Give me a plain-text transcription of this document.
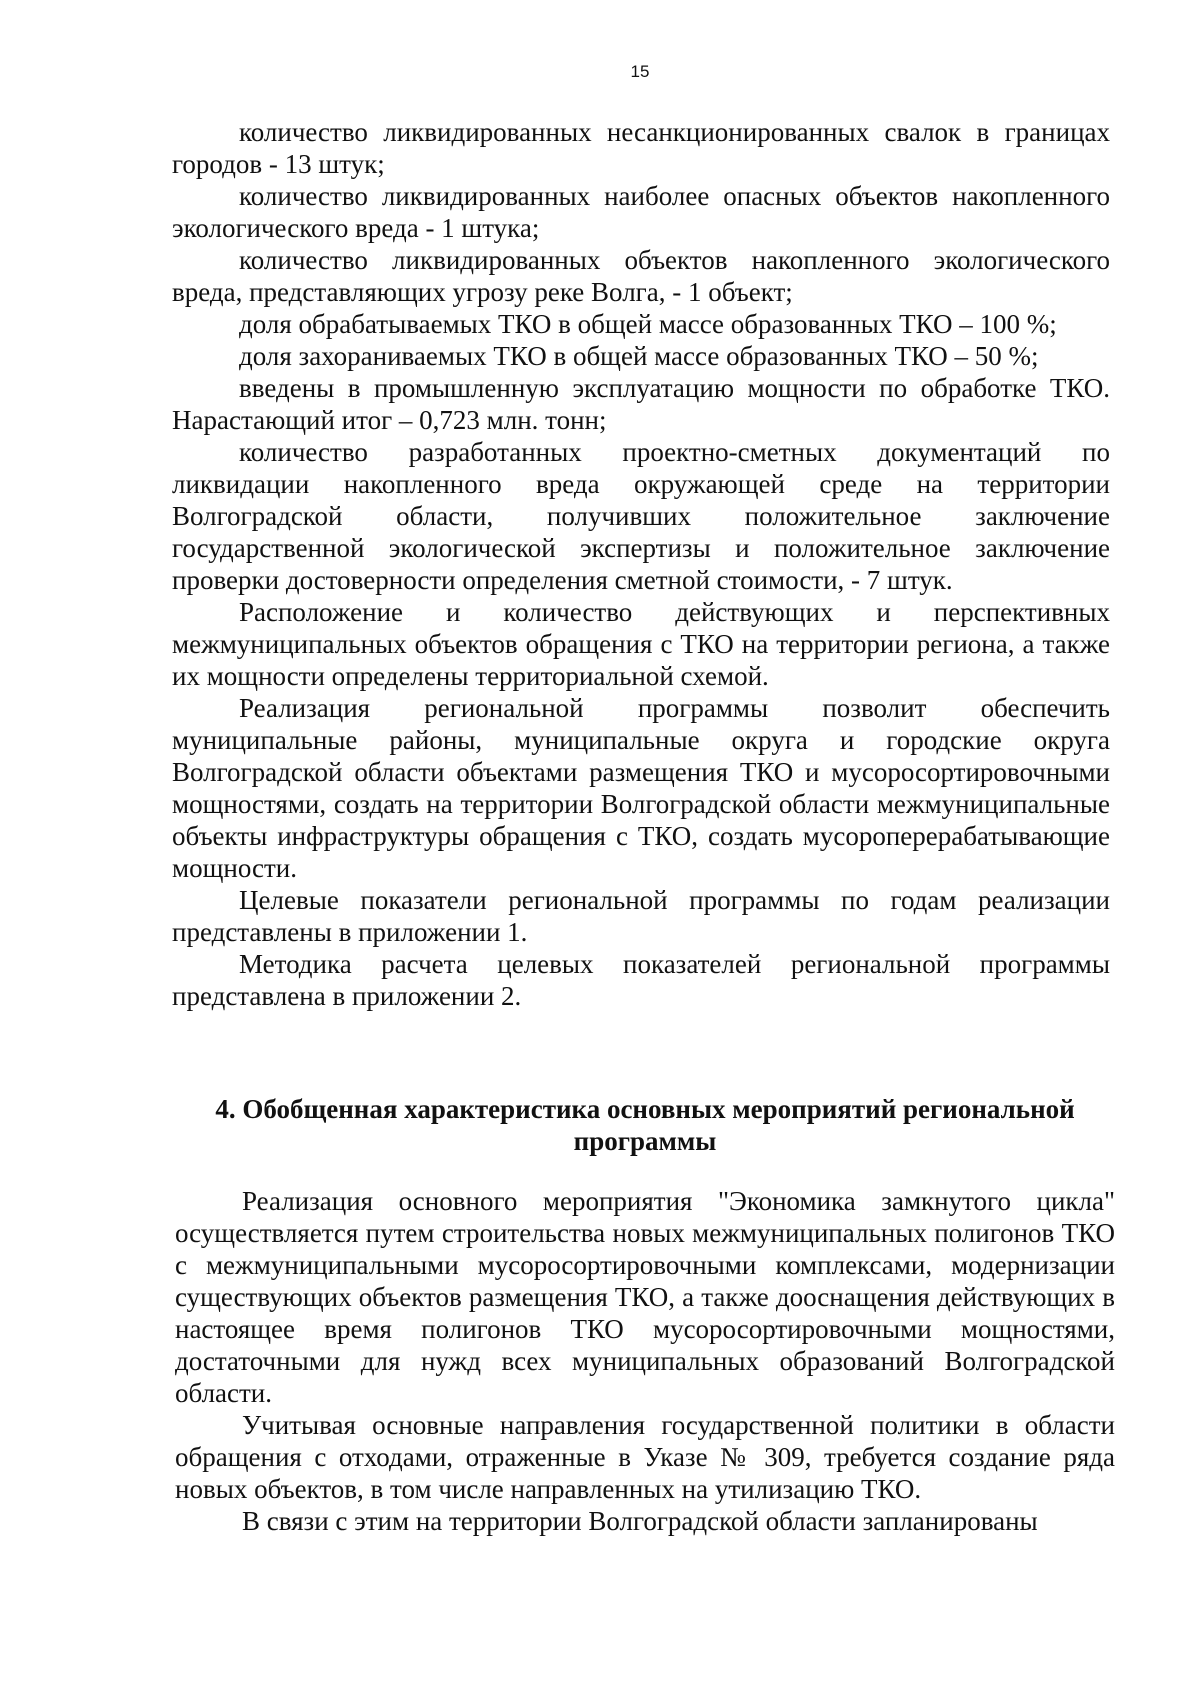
15

количество ликвидированных несанкционированных свалок в границах городов - 13 штук;

количество ликвидированных наиболее опасных объектов накопленного экологического вреда - 1 штука;

количество ликвидированных объектов накопленного экологического вреда, представляющих угрозу реке Волга, - 1 объект;

доля обрабатываемых ТКО в общей массе образованных ТКО – 100 %;

доля захораниваемых ТКО в общей массе образованных ТКО – 50 %;

введены в промышленную эксплуатацию мощности по обработке ТКО. Нарастающий итог – 0,723 млн. тонн;

количество разработанных проектно-сметных документаций по ликвидации накопленного вреда окружающей среде на территории Волгоградской области, получивших положительное заключение государственной экологической экспертизы и положительное заключение проверки достоверности определения сметной стоимости, - 7 штук.

Расположение и количество действующих и перспективных межмуниципальных объектов обращения с ТКО на территории региона, а также их мощности определены территориальной схемой.

Реализация региональной программы позволит обеспечить муниципальные районы, муниципальные округа и городские округа Волгоградской области объектами размещения ТКО и мусоросортировочными мощностями, создать на территории Волгоградской области межмуниципальные объекты инфраструктуры обращения с ТКО, создать мусороперерабатывающие мощности.

Целевые показатели региональной программы по годам реализации представлены в приложении 1.

Методика расчета целевых показателей региональной программы представлена в приложении 2.

4. Обобщенная характеристика основных мероприятий региональной программы

Реализация основного мероприятия "Экономика замкнутого цикла" осуществляется путем строительства новых межмуниципальных полигонов ТКО с межмуниципальными мусоросортировочными комплексами, модернизации существующих объектов размещения ТКО, а также дооснащения действующих в настоящее время полигонов ТКО мусоросортировочными мощностями, достаточными для нужд всех муниципальных образований Волгоградской области.

Учитывая основные направления государственной политики в области обращения с отходами, отраженные в Указе № 309, требуется создание ряда новых объектов, в том числе направленных на утилизацию ТКО.

В связи с этим на территории Волгоградской области запланированы
